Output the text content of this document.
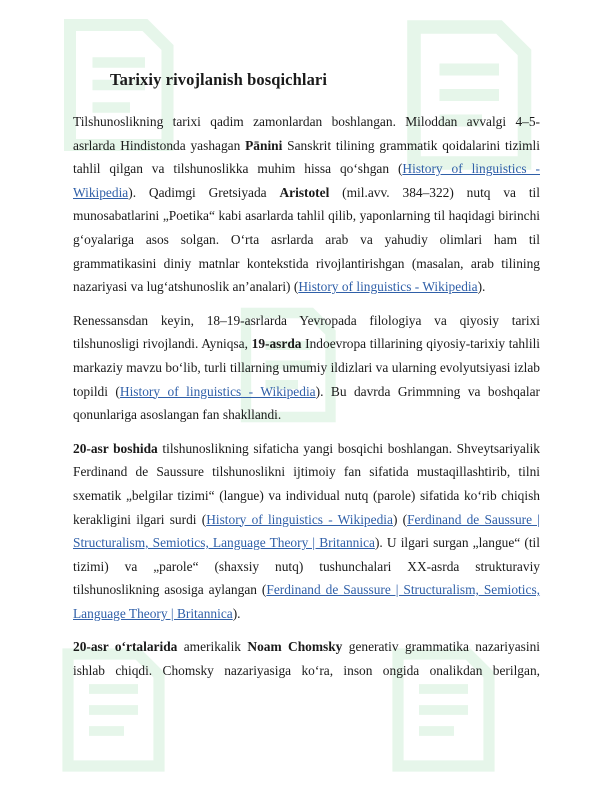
Tarixiy rivojlanish bosqichlari

Tilshunoslikning tarixi qadim zamonlardan boshlangan. Miloddan avvalgi 4–5-asrlarda Hindistonda yashagan Pānini Sanskrit tilining grammatik qoidalarini tizimli tahlil qilgan va tilshunoslikka muhim hissa qo‘shgan (History of linguistics - Wikipedia). Qadimgi Gretsiyada Aristotel (mil.avv. 384–322) nutq va til munosabatlarini „Poetika“ kabi asarlarda tahlil qilib, yaponlarning til haqidagi birinchi g‘oyalariga asos solgan. O‘rta asrlarda arab va yahudiy olimlari ham til grammatikasini diniy matnlar kontekstida rivojlantirishgan (masalan, arab tilining nazariyasi va lug‘atshunoslik an’analari) (History of linguistics - Wikipedia).

Renessansdan keyin, 18–19-asrlarda Yevropada filologiya va qiyosiy tarixi tilshunosligi rivojlandi. Ayniqsa, 19-asrda Indoevropa tillarining qiyosiy-tarixiy tahlili markaziy mavzu bo‘lib, turli tillarning umumiy ildizlari va ularning evolyutsiyasi izlab topildi (History of linguistics - Wikipedia). Bu davrda Grimmning va boshqalar qonunlariga asoslangan fan shakllandi.

20-asr boshida tilshunoslikning sifaticha yangi bosqichi boshlangan. Shveytsariyalik Ferdinand de Saussure tilshunoslikni ijtimoiy fan sifatida mustaqillashtirib, tilni sxematik „belgilar tizimi“ (langue) va individual nutq (parole) sifatida ko‘rib chiqish kerakligini ilgari surdi (History of linguistics - Wikipedia) (Ferdinand de Saussure | Structuralism, Semiotics, Language Theory | Britannica). U ilgari surgan „langue“ (til tizimi) va „parole“ (shaxsiy nutq) tushunchalari XX-asrda strukturaviy tilshunoslikning asosiga aylangan (Ferdinand de Saussure | Structuralism, Semiotics, Language Theory | Britannica).

20-asr o‘rtalarida amerikalik Noam Chomsky generativ grammatika nazariyasini ishlab chiqdi. Chomsky nazariyasiga ko‘ra, inson ongida onalikdan berilgan,
